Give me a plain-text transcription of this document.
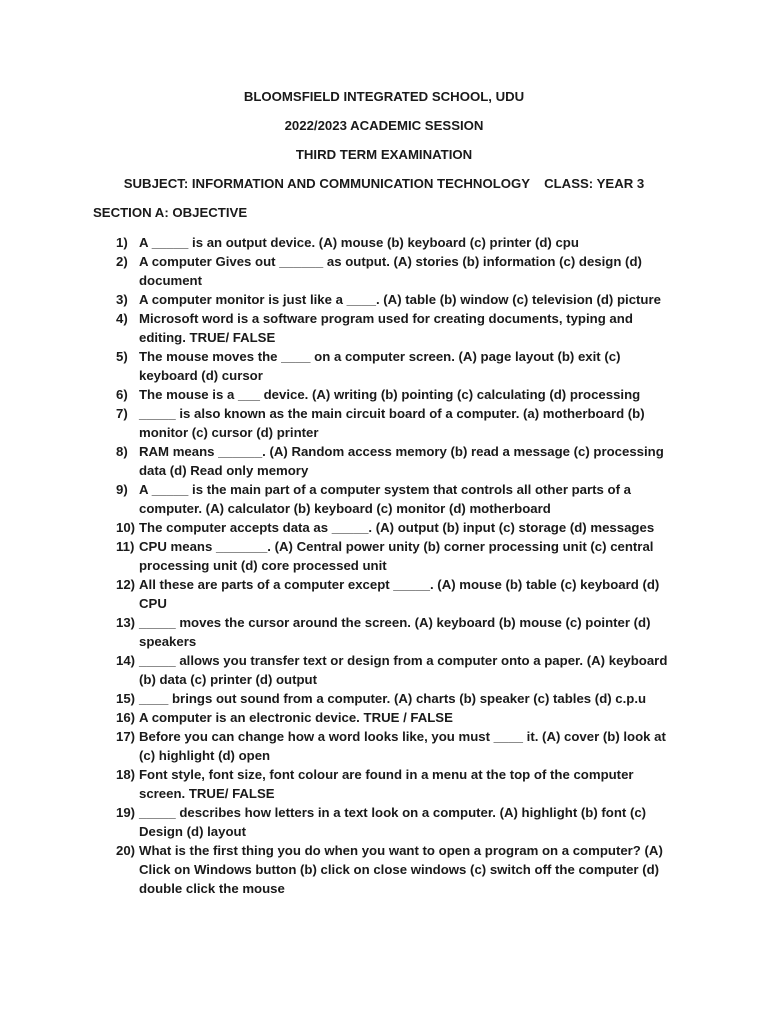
BLOOMSFIELD INTEGRATED SCHOOL, UDU
2022/2023 ACADEMIC SESSION
THIRD TERM EXAMINATION
SUBJECT: INFORMATION AND COMMUNICATION TECHNOLOGY CLASS: YEAR 3
SECTION A: OBJECTIVE
1) A _____ is an output device. (A) mouse (b) keyboard (c) printer (d) cpu
2) A computer Gives out ______ as output. (A) stories (b) information (c) design (d) document
3) A computer monitor is just like a ____. (A) table (b) window (c) television (d) picture
4) Microsoft word is a software program used for creating documents, typing and editing. TRUE/ FALSE
5) The mouse moves the ____ on a computer screen. (A) page layout (b) exit (c) keyboard (d) cursor
6) The mouse is a ___ device. (A) writing (b) pointing (c) calculating (d) processing
7) _____ is also known as the main circuit board of a computer. (a) motherboard (b) monitor (c) cursor (d) printer
8) RAM means ______. (A) Random access memory (b) read a message (c) processing data (d) Read only memory
9) A _____ is the main part of a computer system that controls all other parts of a computer. (A) calculator (b) keyboard (c) monitor (d) motherboard
10) The computer accepts data as _____. (A) output (b) input (c) storage (d) messages
11) CPU means _______. (A) Central power unity (b) corner processing unit (c) central processing unit (d) core processed unit
12) All these are parts of a computer except _____. (A) mouse (b) table (c) keyboard (d) CPU
13) _____ moves the cursor around the screen. (A) keyboard (b) mouse (c) pointer (d) speakers
14) _____ allows you transfer text or design from a computer onto a paper. (A) keyboard (b) data (c) printer (d) output
15) ____ brings out sound from a computer. (A) charts (b) speaker (c) tables (d) c.p.u
16) A computer is an electronic device. TRUE / FALSE
17) Before you can change how a word looks like, you must ____ it. (A) cover (b) look at (c) highlight (d) open
18) Font style, font size, font colour are found in a menu at the top of the computer screen. TRUE/ FALSE
19) _____ describes how letters in a text look on a computer. (A) highlight (b) font (c) Design (d) layout
20) What is the first thing you do when you want to open a program on a computer? (A) Click on Windows button (b) click on close windows (c) switch off the computer (d) double click the mouse
